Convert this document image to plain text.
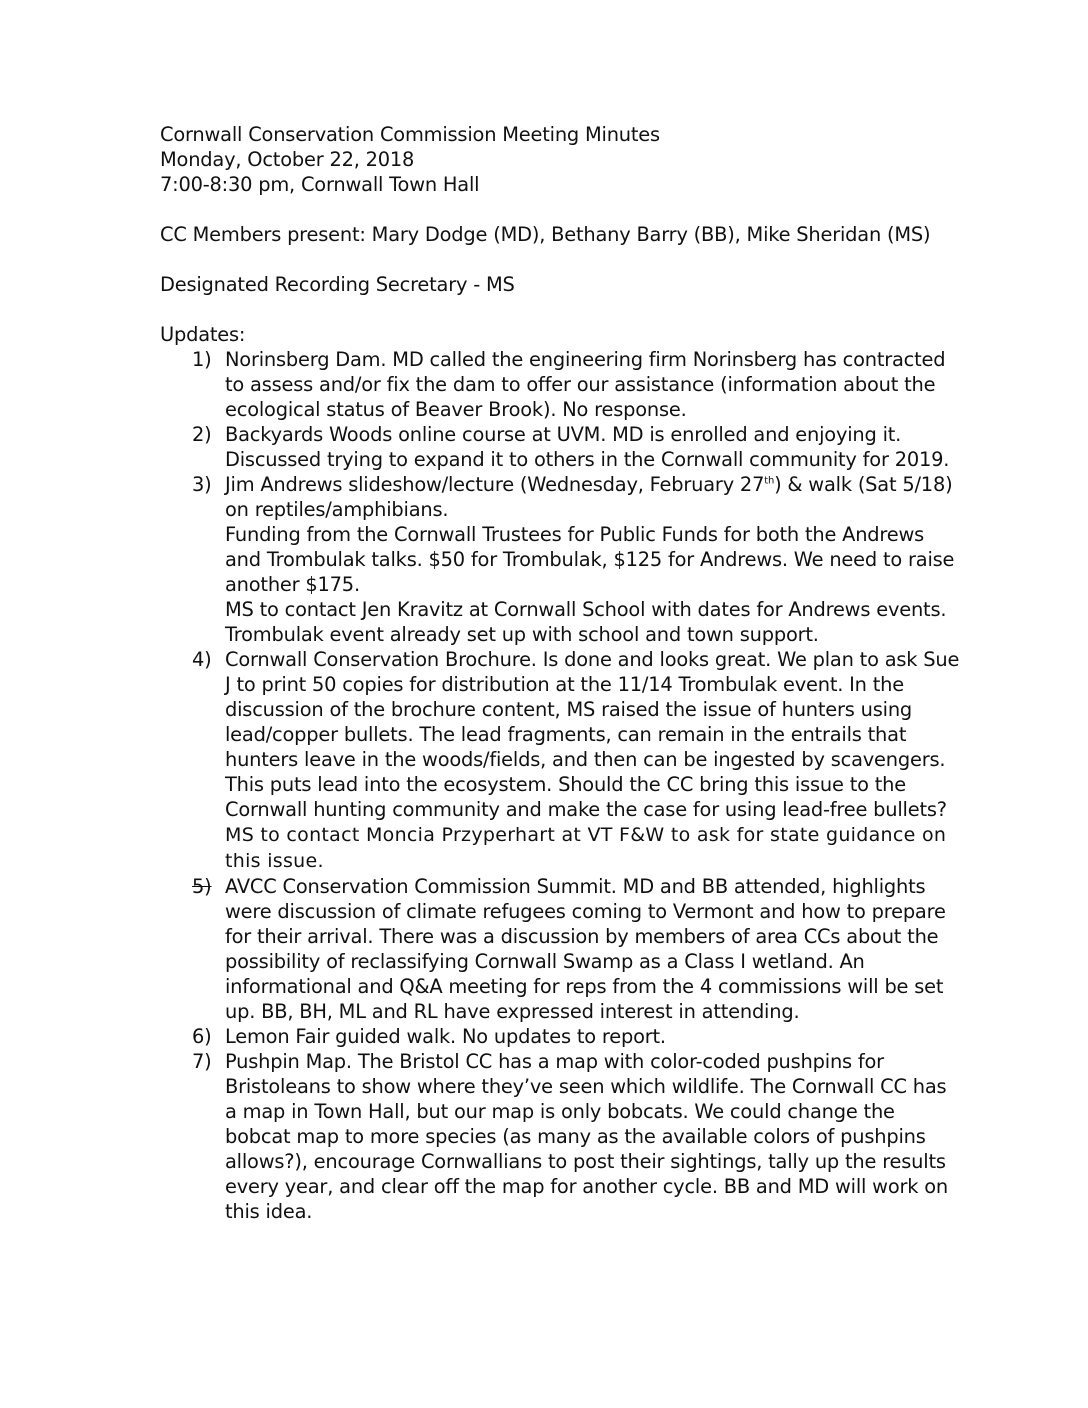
Cornwall Conservation Commission Meeting Minutes

Monday, October 22, 2018

7:00-8:30 pm, Cornwall Town Hall

CC Members present: Mary Dodge (MD), Bethany Barry (BB), Mike Sheridan (MS)

Designated Recording Secretary - MS

Updates:

1) Norinsberg Dam. MD called the engineering firm Norinsberg has contracted to assess and/or fix the dam to offer our assistance (information about the ecological status of Beaver Brook). No response.

2) Backyards Woods online course at UVM. MD is enrolled and enjoying it. Discussed trying to expand it to others in the Cornwall community for 2019.

3) Jim Andrews slideshow/lecture (Wednesday, February 27th) & walk (Sat 5/18) on reptiles/amphibians.

Funding from the Cornwall Trustees for Public Funds for both the Andrews and Trombulak talks. $50 for Trombulak, $125 for Andrews. We need to raise another $175.

MS to contact Jen Kravitz at Cornwall School with dates for Andrews events. Trombulak event already set up with school and town support.

4) Cornwall Conservation Brochure. Is done and looks great. We plan to ask Sue J to print 50 copies for distribution at the 11/14 Trombulak event. In the discussion of the brochure content, MS raised the issue of hunters using lead/copper bullets. The lead fragments, can remain in the entrails that hunters leave in the woods/fields, and then can be ingested by scavengers. This puts lead into the ecosystem. Should the CC bring this issue to the Cornwall hunting community and make the case for using lead-free bullets? MS to contact Moncia Przyperhart at VT F&W to ask for state guidance on this issue.

5) AVCC Conservation Commission Summit. MD and BB attended, highlights were discussion of climate refugees coming to Vermont and how to prepare for their arrival. There was a discussion by members of area CCs about the possibility of reclassifying Cornwall Swamp as a Class I wetland. An informational and Q&A meeting for reps from the 4 commissions will be set up. BB, BH, ML and RL have expressed interest in attending.

6) Lemon Fair guided walk. No updates to report.

7) Pushpin Map. The Bristol CC has a map with color-coded pushpins for Bristoleans to show where they’ve seen which wildlife. The Cornwall CC has a map in Town Hall, but our map is only bobcats. We could change the bobcat map to more species (as many as the available colors of pushpins allows?), encourage Cornwallians to post their sightings, tally up the results every year, and clear off the map for another cycle. BB and MD will work on this idea.
